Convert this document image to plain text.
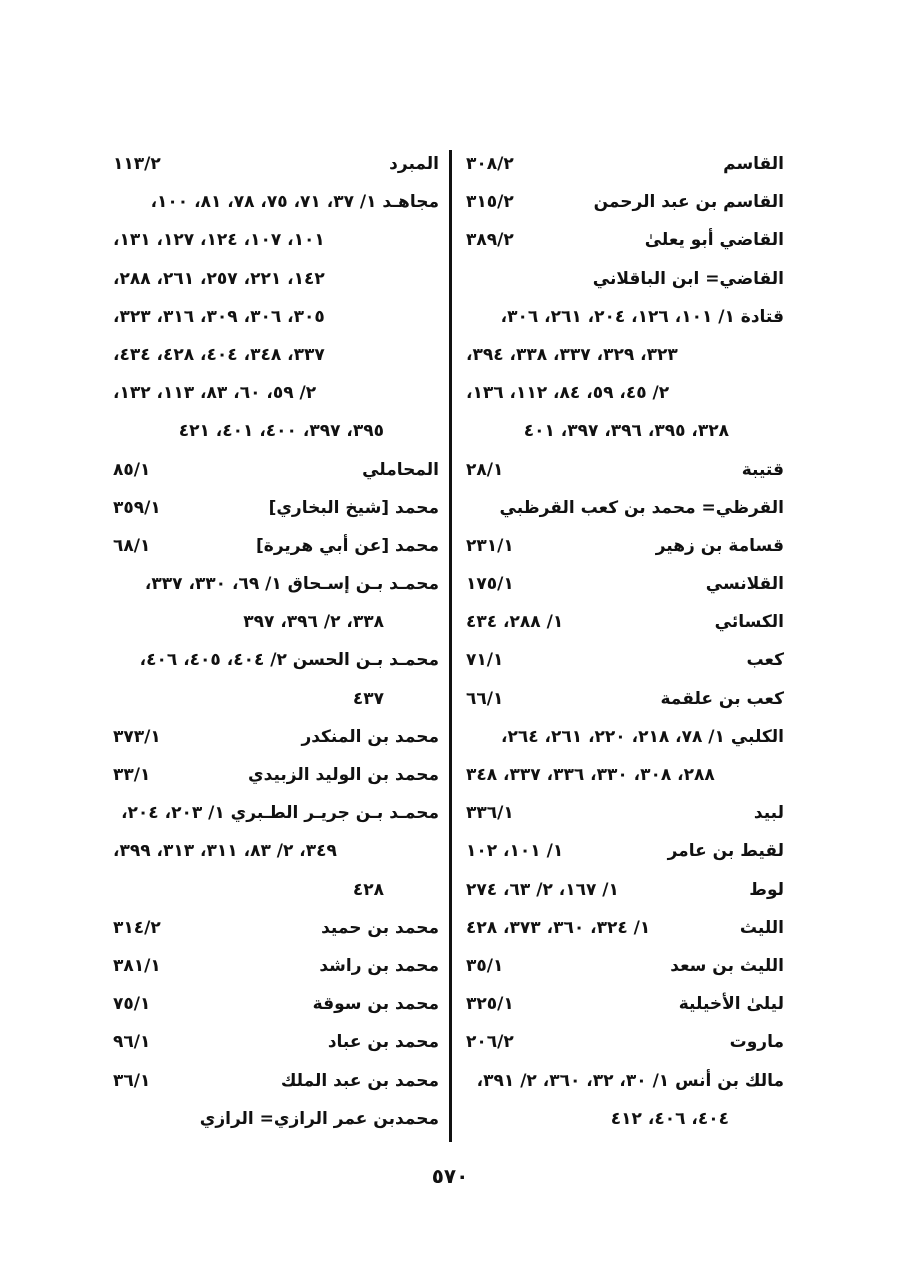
القاسم
٣٠٨/٢
القاسم بن عبد الرحمن
٣١٥/٢
القاضي أبو يعلىٰ
٣٨٩/٢
القاضي= ابن الباقلاني
قتادة ١/ ١٠١، ١٢٦، ٢٠٤، ٢٦١، ٣٠٦،
٣٢٣، ٣٢٩، ٣٣٧، ٣٣٨، ٣٩٤،
٢/ ٤٥، ٥٩، ٨٤، ١١٢، ١٣٦،
٣٢٨، ٣٩٥، ٣٩٦، ٣٩٧، ٤٠١
قتيبة
٢٨/١
القرظي= محمد بن كعب القرظبي
قسامة بن زهير
٢٣١/١
القلانسي
١٧٥/١
الكسائي
١/ ٢٨٨، ٤٣٤
كعب
٧١/١
كعب بن علقمة
٦٦/١
الكلبي ١/ ٧٨، ٢١٨، ٢٢٠، ٢٦١، ٢٦٤،
٢٨٨، ٣٠٨، ٣٣٠، ٣٣٦، ٣٣٧، ٣٤٨
لبيد
٣٣٦/١
لقيط بن عامر
١/ ١٠١، ١٠٢
لوط
١/ ١٦٧، ٢/ ٦٣، ٢٧٤
الليث
١/ ٣٢٤، ٣٦٠، ٣٧٣، ٤٢٨
الليث بن سعد
٣٥/١
ليلىٰ الأخيلية
٣٢٥/١
ماروت
٢٠٦/٢
مالك بن أنس ١/ ٣٠، ٣٢، ٣٦٠، ٢/ ٣٩١،
٤٠٤، ٤٠٦، ٤١٢
المبرد
١١٣/٢
مجاهـد ١/ ٣٧، ٧١، ٧٥، ٧٨، ٨١، ١٠٠،
١٠١، ١٠٧، ١٢٤، ١٢٧، ١٣١،
١٤٢، ٢٢١، ٢٥٧، ٢٦١، ٢٨٨،
٣٠٥، ٣٠٦، ٣٠٩، ٣١٦، ٣٢٣،
٣٣٧، ٣٤٨، ٤٠٤، ٤٢٨، ٤٣٤،
٢/ ٥٩، ٦٠، ٨٣، ١١٣، ١٣٢،
٣٩٥، ٣٩٧، ٤٠٠، ٤٠١، ٤٢١
المحاملي
٨٥/١
محمد [شيخ البخاري]
٣٥٩/١
محمد [عن أبي هريرة]
٦٨/١
محمـد بـن إسـحاق ١/ ٦٩، ٣٣٠، ٣٣٧،
٣٣٨، ٢/ ٣٩٦، ٣٩٧
محمـد بـن الحسن ٢/ ٤٠٤، ٤٠٥، ٤٠٦،
٤٣٧
محمد بن المنكدر
٣٧٣/١
محمد بن الوليد الزبيدي
٣٣/١
محمـد بـن جريـر الطـبري ١/ ٢٠٣، ٢٠٤،
٣٤٩، ٢/ ٨٣، ٣١١، ٣١٣، ٣٩٩،
٤٢٨
محمد بن حميد
٣١٤/٢
محمد بن راشد
٣٨١/١
محمد بن سوقة
٧٥/١
محمد بن عباد
٩٦/١
محمد بن عبد الملك
٣٦/١
محمدبن عمر الرازي= الرازي
٥٧٠
